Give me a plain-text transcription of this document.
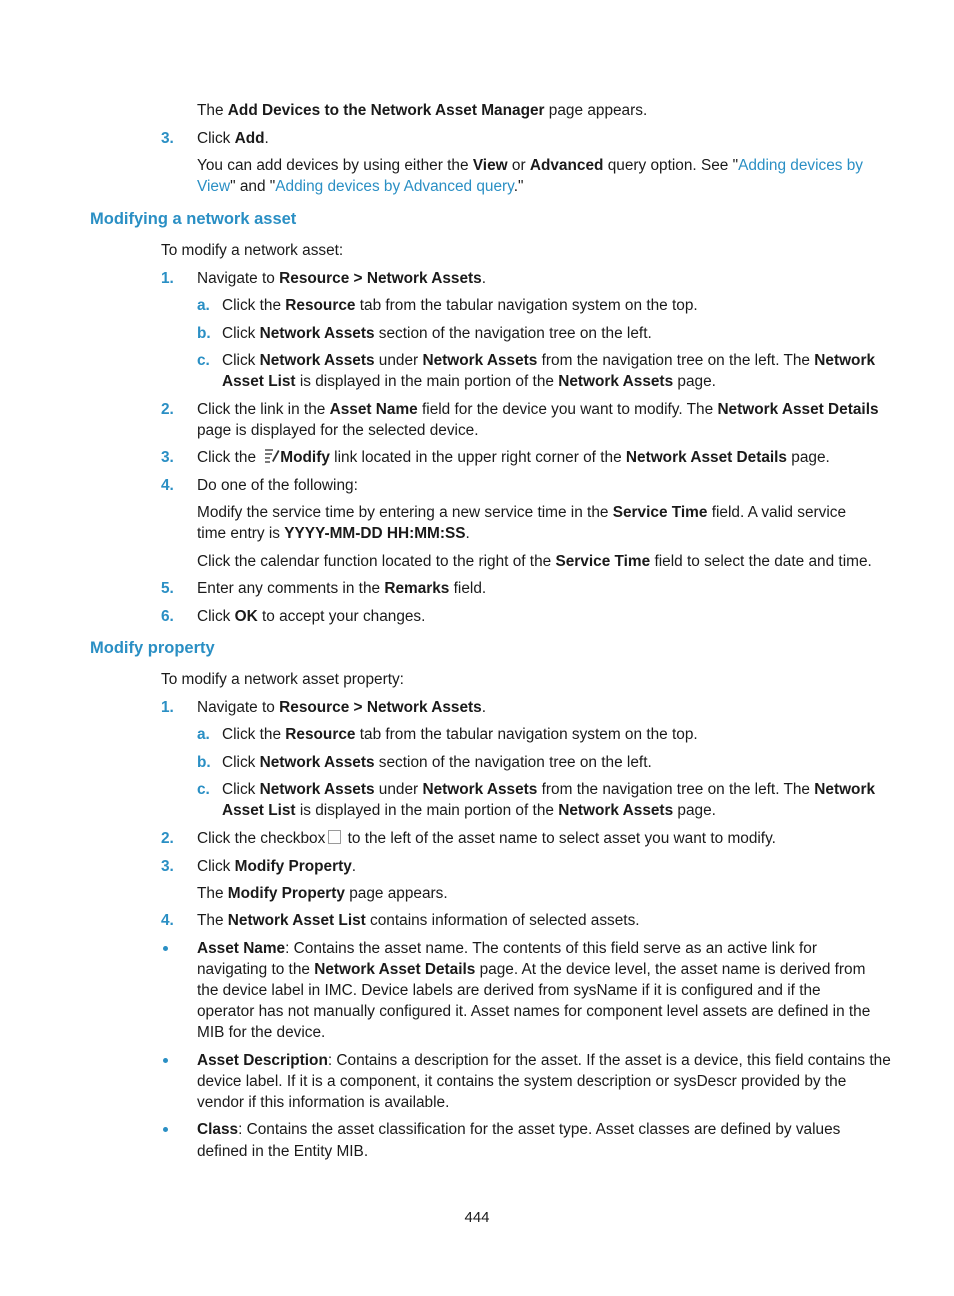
The Add Devices to the Network Asset Manager page appears.
3. Click Add.
You can add devices by using either the View or Advanced query option. See "Adding devices by
View" and "Adding devices by Advanced query."
Modifying a network asset
To modify a network asset:
1. Navigate to Resource > Network Assets.
a. Click the Resource tab from the tabular navigation system on the top.
b. Click Network Assets section of the navigation tree on the left.
c. Click Network Assets under Network Assets from the navigation tree on the left. The Network
Asset List is displayed in the main portion of the Network Assets page.
2. Click the link in the Asset Name field for the device you want to modify. The Network Asset Details
page is displayed for the selected device.
3. Click the Modify link located in the upper right corner of the Network Asset Details page.
4. Do one of the following:
Modify the service time by entering a new service time in the Service Time field. A valid service
time entry is YYYY-MM-DD HH:MM:SS.
Click the calendar function located to the right of the Service Time field to select the date and time.
5. Enter any comments in the Remarks field.
6. Click OK to accept your changes.
Modify property
To modify a network asset property:
1. Navigate to Resource > Network Assets.
a. Click the Resource tab from the tabular navigation system on the top.
b. Click Network Assets section of the navigation tree on the left.
c. Click Network Assets under Network Assets from the navigation tree on the left. The Network
Asset List is displayed in the main portion of the Network Assets page.
2. Click the checkbox to the left of the asset name to select asset you want to modify.
3. Click Modify Property.
The Modify Property page appears.
4. The Network Asset List contains information of selected assets.
Asset Name: Contains the asset name. The contents of this field serve as an active link for
navigating to the Network Asset Details page. At the device level, the asset name is derived from
the device label in IMC. Device labels are derived from sysName if it is configured and if the
operator has not manually configured it. Asset names for component level assets are defined in the
MIB for the device.
Asset Description: Contains a description for the asset. If the asset is a device, this field contains the
device label. If it is a component, it contains the system description or sysDescr provided by the
vendor if this information is available.
Class: Contains the asset classification for the asset type. Asset classes are defined by values
defined in the Entity MIB.
444
